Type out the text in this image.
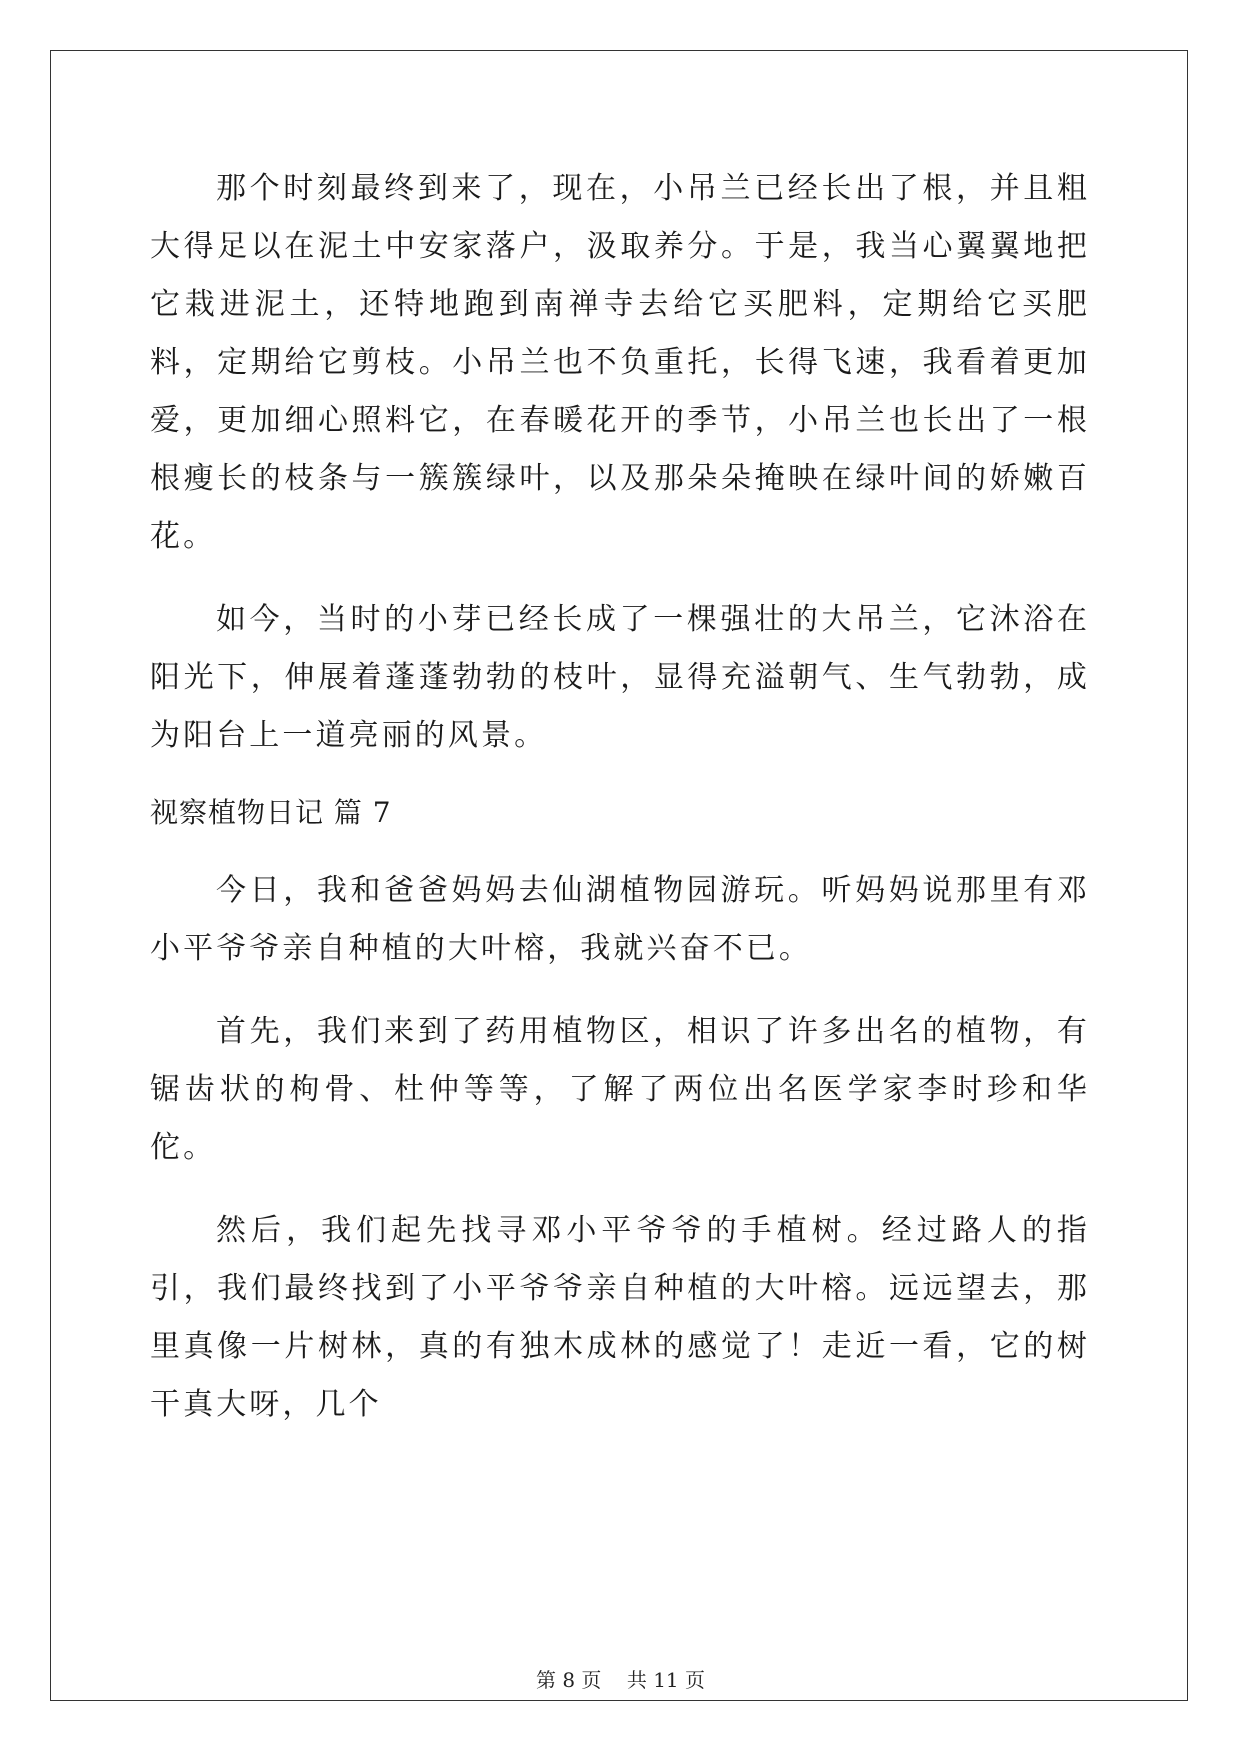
那个时刻最终到来了，现在，小吊兰已经长出了根，并且粗大得足以在泥土中安家落户，汲取养分。于是，我当心翼翼地把它栽进泥土，还特地跑到南禅寺去给它买肥料，定期给它买肥料，定期给它剪枝。小吊兰也不负重托，长得飞速，我看着更加爱，更加细心照料它，在春暖花开的季节，小吊兰也长出了一根根瘦长的枝条与一簇簇绿叶，以及那朵朵掩映在绿叶间的娇嫩百花。

如今，当时的小芽已经长成了一棵强壮的大吊兰，它沐浴在阳光下，伸展着蓬蓬勃勃的枝叶，显得充溢朝气、生气勃勃，成为阳台上一道亮丽的风景。

视察植物日记 篇 7

今日，我和爸爸妈妈去仙湖植物园游玩。听妈妈说那里有邓小平爷爷亲自种植的大叶榕，我就兴奋不已。

首先，我们来到了药用植物区，相识了许多出名的植物，有锯齿状的枸骨、杜仲等等，了解了两位出名医学家李时珍和华佗。

然后，我们起先找寻邓小平爷爷的手植树。经过路人的指引，我们最终找到了小平爷爷亲自种植的大叶榕。远远望去，那里真像一片树林，真的有独木成林的感觉了！走近一看，它的树干真大呀，几个

第 8 页    共 11 页
